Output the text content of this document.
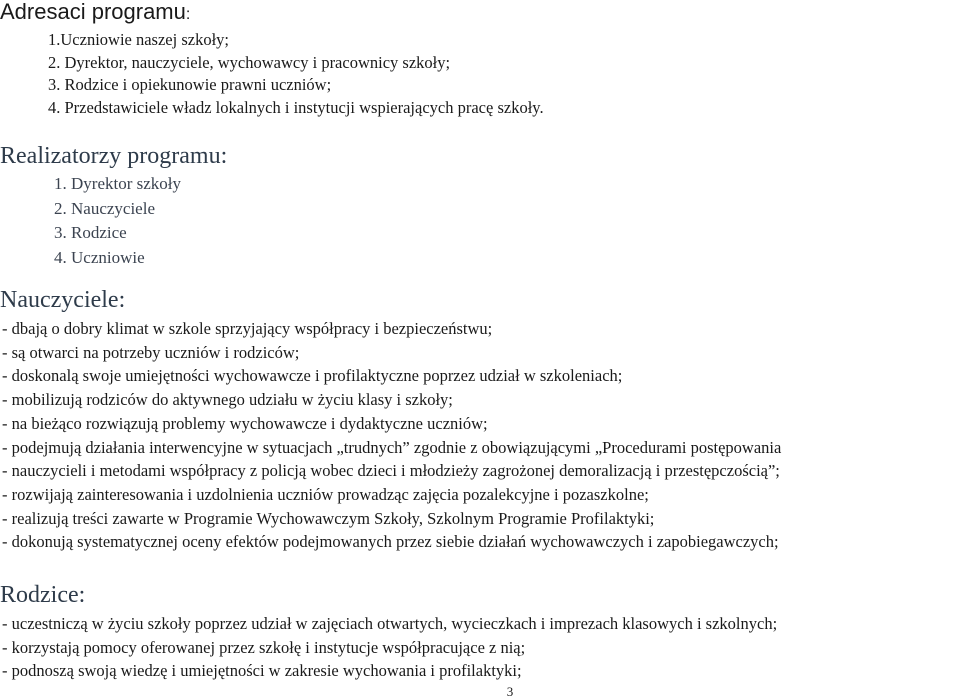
Adresaci programu:
1.Uczniowie naszej szkoły;
2. Dyrektor, nauczyciele, wychowawcy i pracownicy szkoły;
3. Rodzice i opiekunowie prawni uczniów;
4. Przedstawiciele władz lokalnych i instytucji wspierających pracę szkoły.
Realizatorzy programu:
1. Dyrektor szkoły
2. Nauczyciele
3. Rodzice
4. Uczniowie
Nauczyciele:
- dbają o dobry klimat w szkole sprzyjający współpracy i bezpieczeństwu;
- są otwarci na potrzeby uczniów i rodziców;
- doskonalą swoje umiejętności wychowawcze i profilaktyczne poprzez udział w szkoleniach;
- mobilizują rodziców do aktywnego udziału w życiu klasy i szkoły;
- na bieżąco rozwiązują problemy wychowawcze i dydaktyczne uczniów;
- podejmują działania interwencyjne w sytuacjach „trudnych” zgodnie z obowiązującymi „Procedurami postępowania
- nauczycieli i metodami współpracy z policją wobec dzieci i młodzieży zagrożonej demoralizacją i przestępczością”;
- rozwijają zainteresowania i uzdolnienia uczniów prowadząc zajęcia pozalekcyjne i pozaszkolne;
- realizują treści zawarte w Programie Wychowawczym Szkoły, Szkolnym Programie Profilaktyki;
- dokonują systematycznej oceny efektów podejmowanych przez siebie działań wychowawczych i zapobiegawczych;
Rodzice:
- uczestniczą w życiu szkoły poprzez udział w zajęciach otwartych, wycieczkach i imprezach klasowych i szkolnych;
- korzystają pomocy oferowanej przez szkołę i instytucje współpracujące z nią;
- podnoszą swoją wiedzę i umiejętności w zakresie wychowania i profilaktyki;
3
